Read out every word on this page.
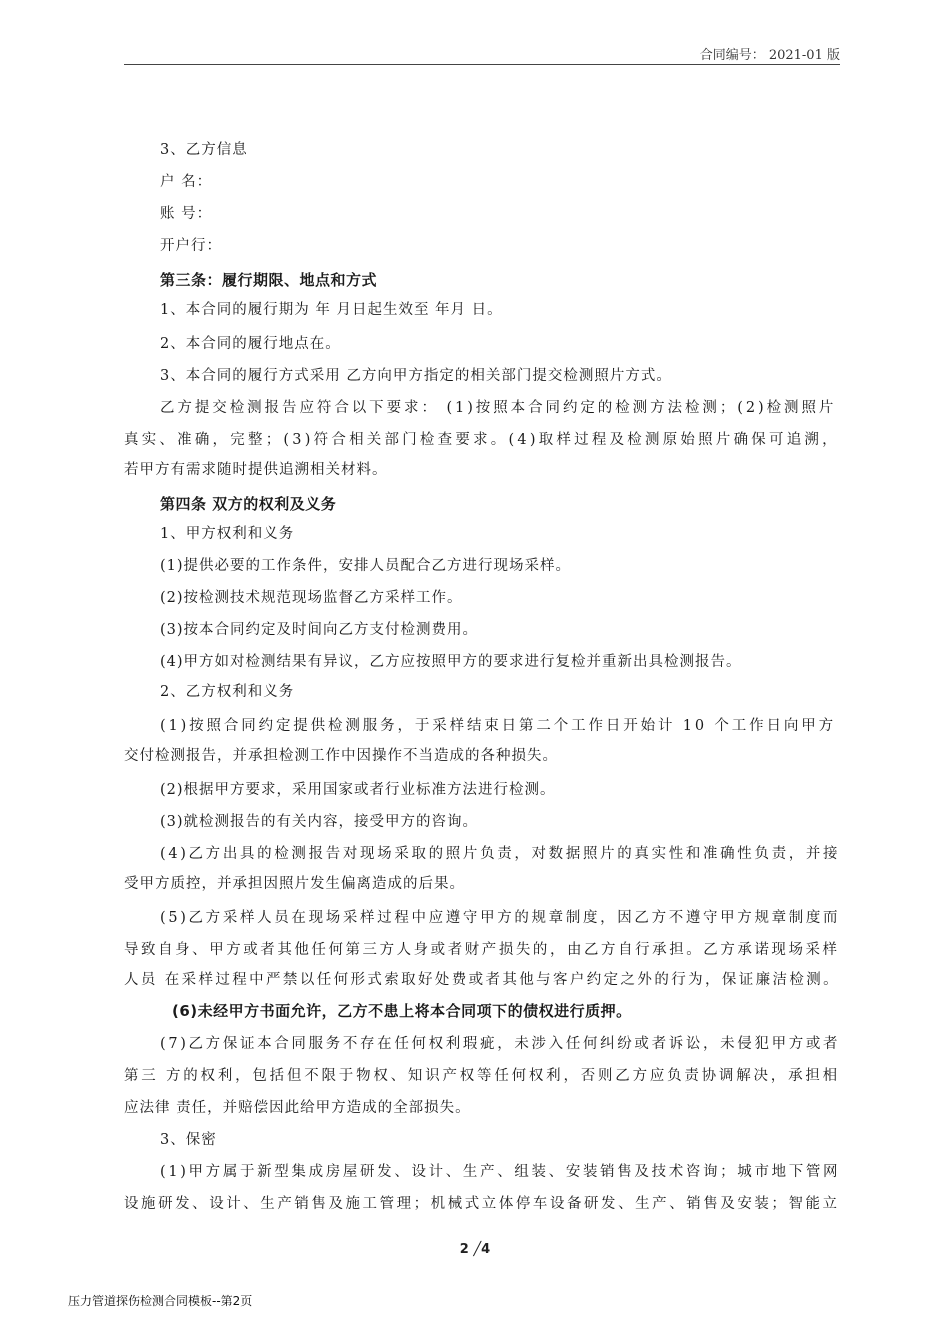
合同编号： 2021-01 版
3、乙方信息
户 名：
账 号：
开户行：
第三条：履行期限、地点和方式
1、本合同的履行期为 年 月日起生效至 年月 日。
2、本合同的履行地点在。
3、本合同的履行方式采用 乙方向甲方指定的相关部门提交检测照片方式。
乙方提交检测报告应符合以下要求： (1)按照本合同约定的检测方法检测；(2)检测照片
真实、准确，完整；(3)符合相关部门检查要求。(4)取样过程及检测原始照片确保可追溯，
若甲方有需求随时提供追溯相关材料。
第四条 双方的权利及义务
1、甲方权利和义务
(1)提供必要的工作条件，安排人员配合乙方进行现场采样。
(2)按检测技术规范现场监督乙方采样工作。
(3)按本合同约定及时间向乙方支付检测费用。
(4)甲方如对检测结果有异议，乙方应按照甲方的要求进行复检并重新出具检测报告。
2、乙方权利和义务
(1)按照合同约定提供检测服务，于采样结束日第二个工作日开始计 10 个工作日向甲方
交付检测报告，并承担检测工作中因操作不当造成的各种损失。
(2)根据甲方要求，采用国家或者行业标准方法进行检测。
(3)就检测报告的有关内容，接受甲方的咨询。
(4)乙方出具的检测报告对现场采取的照片负责，对数据照片的真实性和准确性负责，并接
受甲方质控，并承担因照片发生偏离造成的后果。
(5)乙方采样人员在现场采样过程中应遵守甲方的规章制度，因乙方不遵守甲方规章制度而
导致自身、甲方或者其他任何第三方人身或者财产损失的，由乙方自行承担。乙方承诺现场采样
人员 在采样过程中严禁以任何形式索取好处费或者其他与客户约定之外的行为，保证廉洁检测。
(6)未经甲方书面允许，乙方不患上将本合同项下的债权进行质押。
(7)乙方保证本合同服务不存在任何权利瑕疵，未涉入任何纠纷或者诉讼，未侵犯甲方或者
第三 方的权利，包括但不限于物权、知识产权等任何权利，否则乙方应负责协调解决，承担相
应法律 责任，并赔偿因此给甲方造成的全部损失。
3、保密
(1)甲方属于新型集成房屋研发、设计、生产、组装、安装销售及技术咨询；城市地下管网
设施研发、设计、生产销售及施工管理；机械式立体停车设备研发、生产、销售及安装；智能立
2 ╱4
压力管道探伤检测合同模板--第2页
